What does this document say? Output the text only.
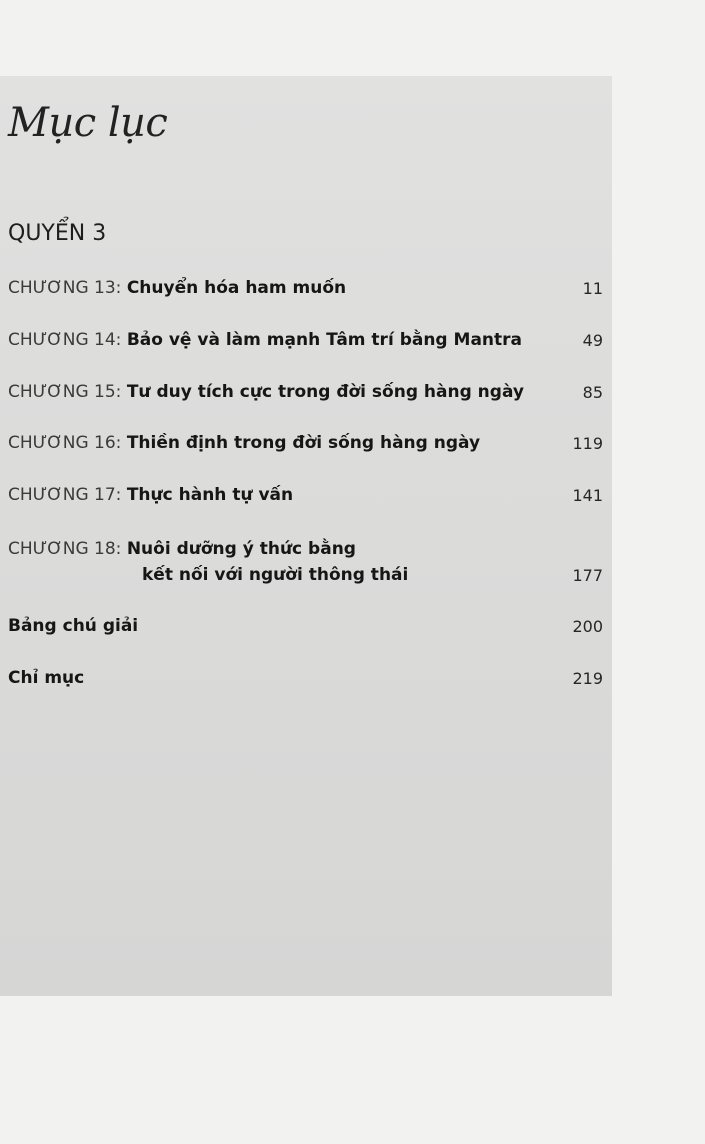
Mục lục
QUYỂN 3
CHƯƠNG 13: Chuyển hóa ham muốn	11
CHƯƠNG 14: Bảo vệ và làm mạnh Tâm trí bằng Mantra	49
CHƯƠNG 15: Tư duy tích cực trong đời sống hàng ngày	85
CHƯƠNG 16: Thiền định trong đời sống hàng ngày	119
CHƯƠNG 17: Thực hành tự vấn	141
CHƯƠNG 18: Nuôi dưỡng ý thức bằng
kết nối với người thông thái	177
Bảng chú giải	200
Chỉ mục	219
